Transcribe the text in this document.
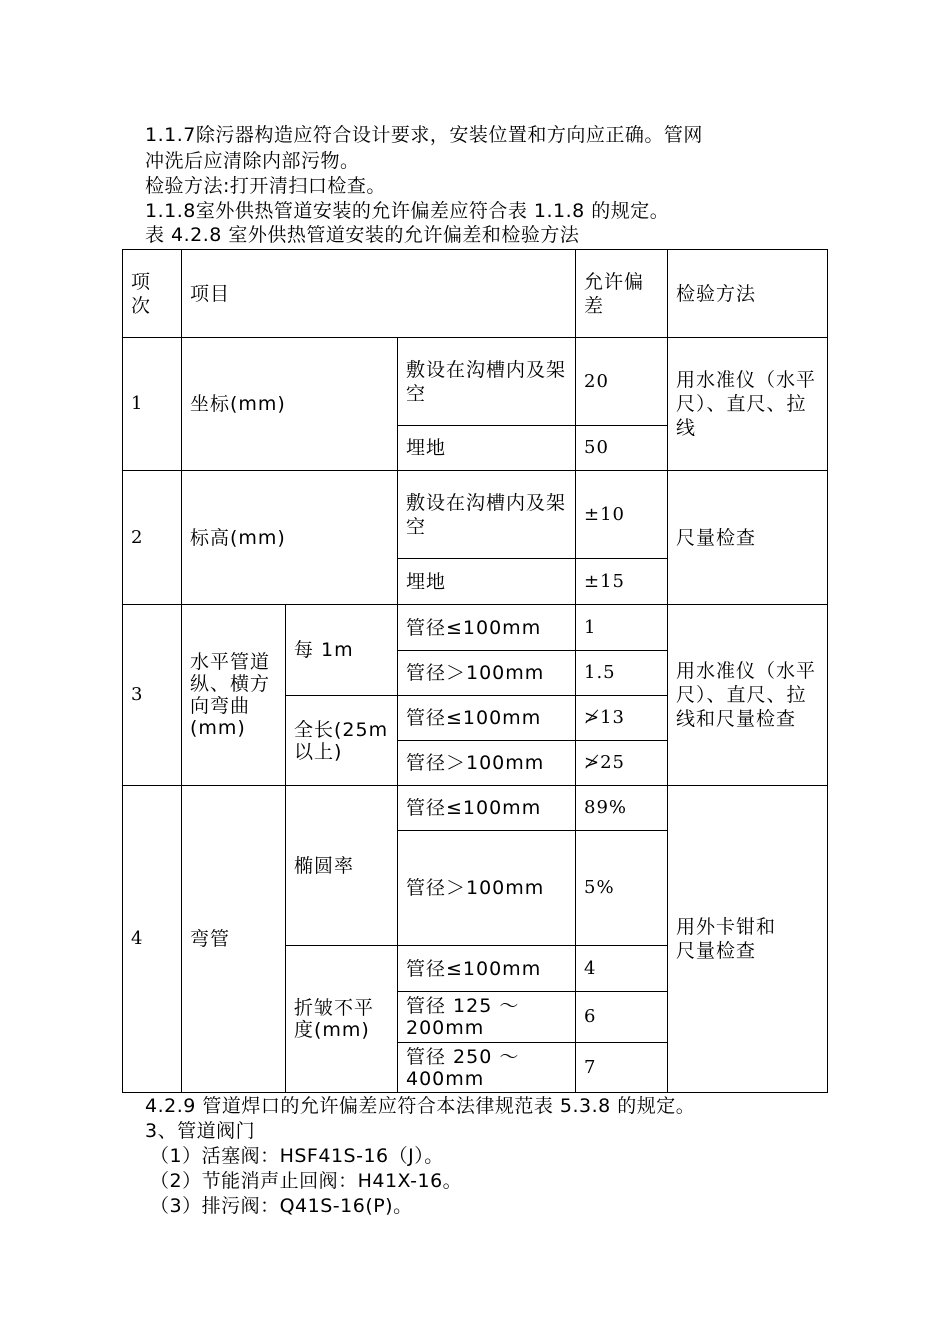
1.1.7除污器构造应符合设计要求，安装位置和方向应正确。管网
冲洗后应清除内部污物。
检验方法:打开清扫口检查。
1.1.8室外供热管道安装的允许偏差应符合表 1.1.8 的规定。
表 4.2.8 室外供热管道安装的允许偏差和检验方法
项次
项目
允许偏差
检验方法
1 坐标(mm)
敷设在沟槽内及架空
20
埋地	50
用水准仪（水平尺）、直尺、拉线
2 标高(mm)
敷设在沟槽内及架空
±10
埋地	±15
尺量检查
3
水平管道纵、横方向弯曲(mm)
每 1m
全长(25m 以上)
管径≤100mm 1
管径＞100mm 1.5
管径≤100mm ≯13
管径＞100mm ≯25
用水准仪（水平尺）、直尺、拉线和尺量检查
4 弯管
椭圆率
折皱不平度(mm)
管径≤100mm 89%
管径＞100mm 5%
管径≤100mm 4
管径 125 ～ 200mm
6
管径 250 ～ 400mm
7
用外卡钳和尺量检查
4.2.9 管道焊口的允许偏差应符合本法律规范表 5.3.8 的规定。
3、管道阀门
（1）活塞阀：HSF41S-16（J）。
（2）节能消声止回阀：H41X-16。
（3）排污阀：Q41S-16(P)。
